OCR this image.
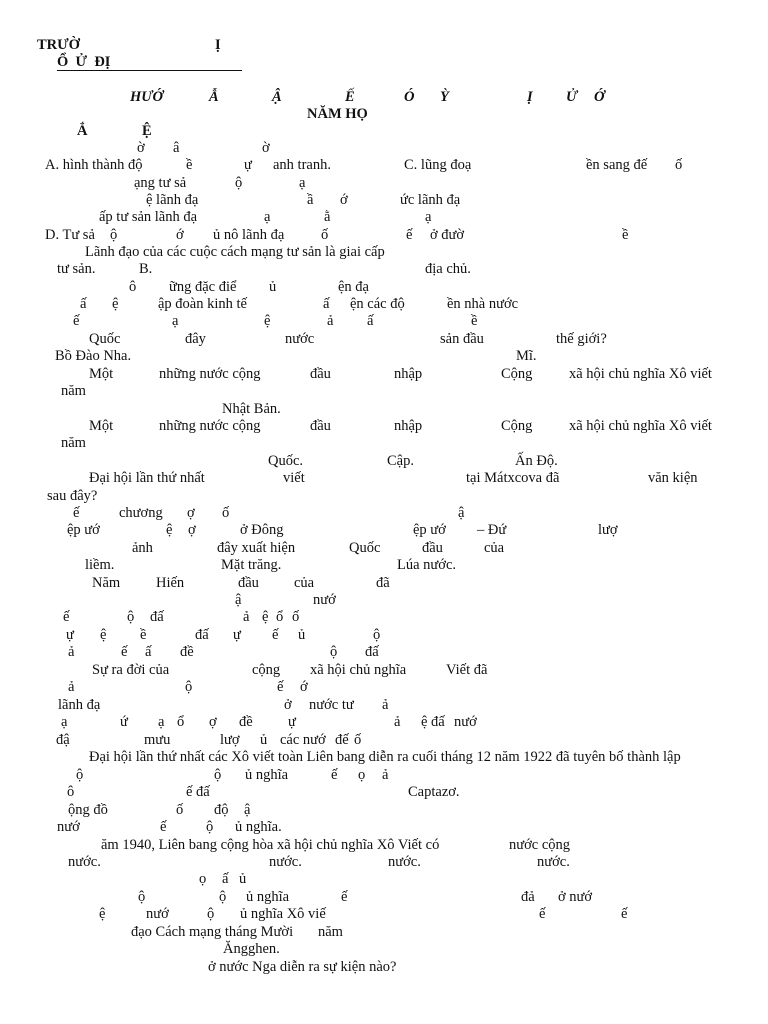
TRƯỜ

	Ị

Ổ  Ử  ĐỊ

HƯỚ

	Ẫ

	Ậ

	Ế

	Ó

Ỳ

	Ị

Ử

Ớ

NĂM HỌ

Ắ

	Ệ

ờ â	ờ
A. hình thành độ	ề	ự anh tranh.	C. lũng đoạ	ền sang đế ố
ạng tư sả	ộ	ạ
ệ lãnh đạ	ầ ớ	ức lãnh đạ
ấp tư sản lãnh đạ	ạ	ằ	ạ
D. Tư sả ộ	ớ ủ nô lãnh đạ	ố	ế ở đườ	ề
Lãnh đạo của các cuộc cách mạng tư sản là giai cấp
tư sản.	B.	địa chủ.
ô ững đặc điể ủ	ện đạ
ấ ệ	ập đoàn kinh tế	ấ ện các độ	ền nhà nước
ế	ạ	ệ	ả ấ	ề
Quốc	đây	nước	sản đầu	thế giới?
Bồ Đào Nha.	Mĩ.
Một	những nước cộng	đầu	nhập	Cộng	xã hội chủ nghĩa Xô viết
năm
Nhật Bản.
Một	những nước cộng	đầu	nhập	Cộng	xã hội chủ nghĩa Xô viết
năm
Quốc.	Cập.	Ấn Độ.
Đại hội lần thứ nhất	viết	tại Mátxcova đã	văn kiện
sau đây?
ế	chương ợ ố	ậ
ệp ướ	ệ ợ	ở Đông	ệp ướ – Đứ	lượ
ảnh	đây xuất hiện	Quốc	đầu	của
liềm.	Mặt trăng.	Lúa nước.
Năm Hiến	đầu của	đã
ậ	nướ
ế	ộ đấ	ả ệ ổ ố
ự ệ ề	đấ ự ế ủ	ộ
ả	ế ấ đề	ộ đấ
Sự ra đời của	cộng xã hội chủ nghĩa	Viết đã
ả	ộ	ế ớ
lãnh đạ	ở nước tư ả
ạ	ứ ạ ổ ợ đề ự	ả ệ đấ nướ
đậ	mưu	lượ ủ các nướ đế ố
Đại hội lần thứ nhất các Xô viết toàn Liên bang diễn ra cuối tháng 12 năm 1922 đã tuyên bố thành lập
ộ	ộ ủ nghĩa	ế ọ ả
ô	ế đấ	Captazơ.
ộng đồ	ố độ ậ
nướ	ế	ộ ủ nghĩa.
ăm 1940, Liên bang cộng hòa xã hội chủ nghĩa Xô Viết có	nước cộng
nước.	nước.	nước.	nước.
ọ ấ ủ
ộ	ộ ủ nghĩa	ế	đả ở nướ
ệ	nướ	ộ ủ nghĩa Xô viế	ế	ế
đạo Cách mạng tháng Mười năm
Ăngghen.
ở nước Nga diễn ra sự kiện nào?
